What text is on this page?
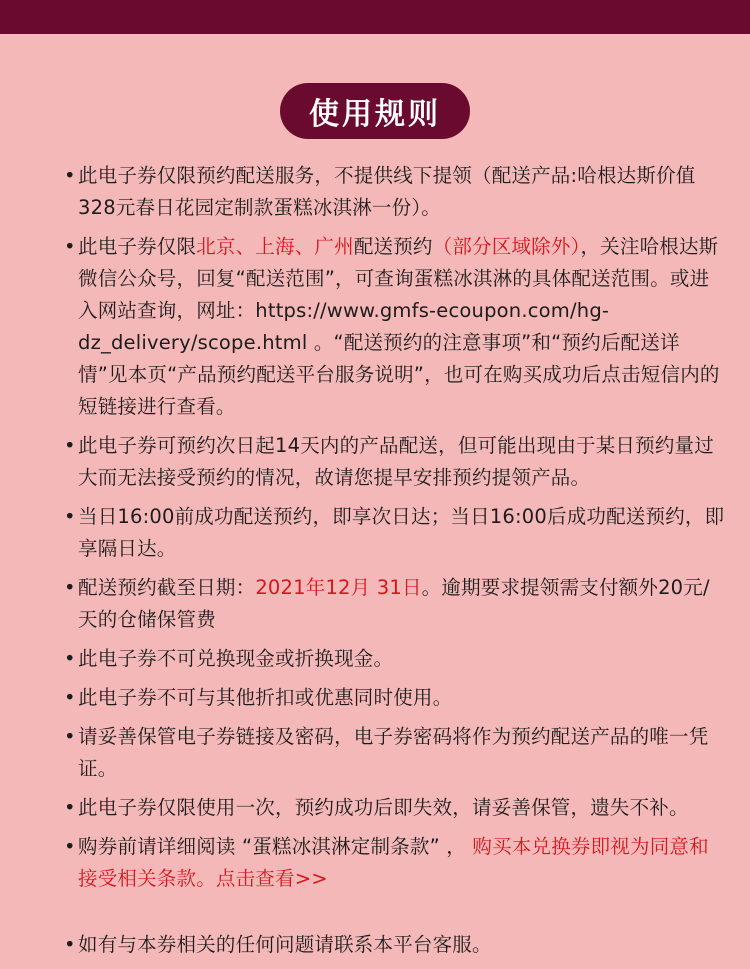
使用规则
• 此电子券仅限预约配送服务，不提供线下提领（配送产品:哈根达斯价值328元春日花园定制款蛋糕冰淇淋一份）。
• 此电子券仅限北京、上海、广州配送预约（部分区域除外），关注哈根达斯微信公众号，回复“配送范围”，可查询蛋糕冰淇淋的具体配送范围。或进入网站查询，网址：https://www.gmfs-ecoupon.com/hg-dz_delivery/scope.html 。“配送预约的注意事项”和“预约后配送详情”见本页“产品预约配送平台服务说明”，也可在购买成功后点击短信内的短链接进行查看。
• 此电子券可预约次日起14天内的产品配送，但可能出现由于某日预约量过大而无法接受预约的情况，故请您提早安排预约提领产品。
• 当日16:00前成功配送预约，即享次日达；当日16:00后成功配送预约，即享隔日达。
• 配送预约截至日期：2021年12月 31日。逾期要求提领需支付额外20元/天的仓储保管费
• 此电子券不可兑换现金或折换现金。
• 此电子券不可与其他折扣或优惠同时使用。
• 请妥善保管电子券链接及密码，电子券密码将作为预约配送产品的唯一凭证。
• 此电子券仅限使用一次，预约成功后即失效，请妥善保管，遗失不补。
• 购券前请详细阅读 “蛋糕冰淇淋定制条款” ， 购买本兑换券即视为同意和接受相关条款。点击查看>>
• 如有与本券相关的任何问题请联系本平台客服。
